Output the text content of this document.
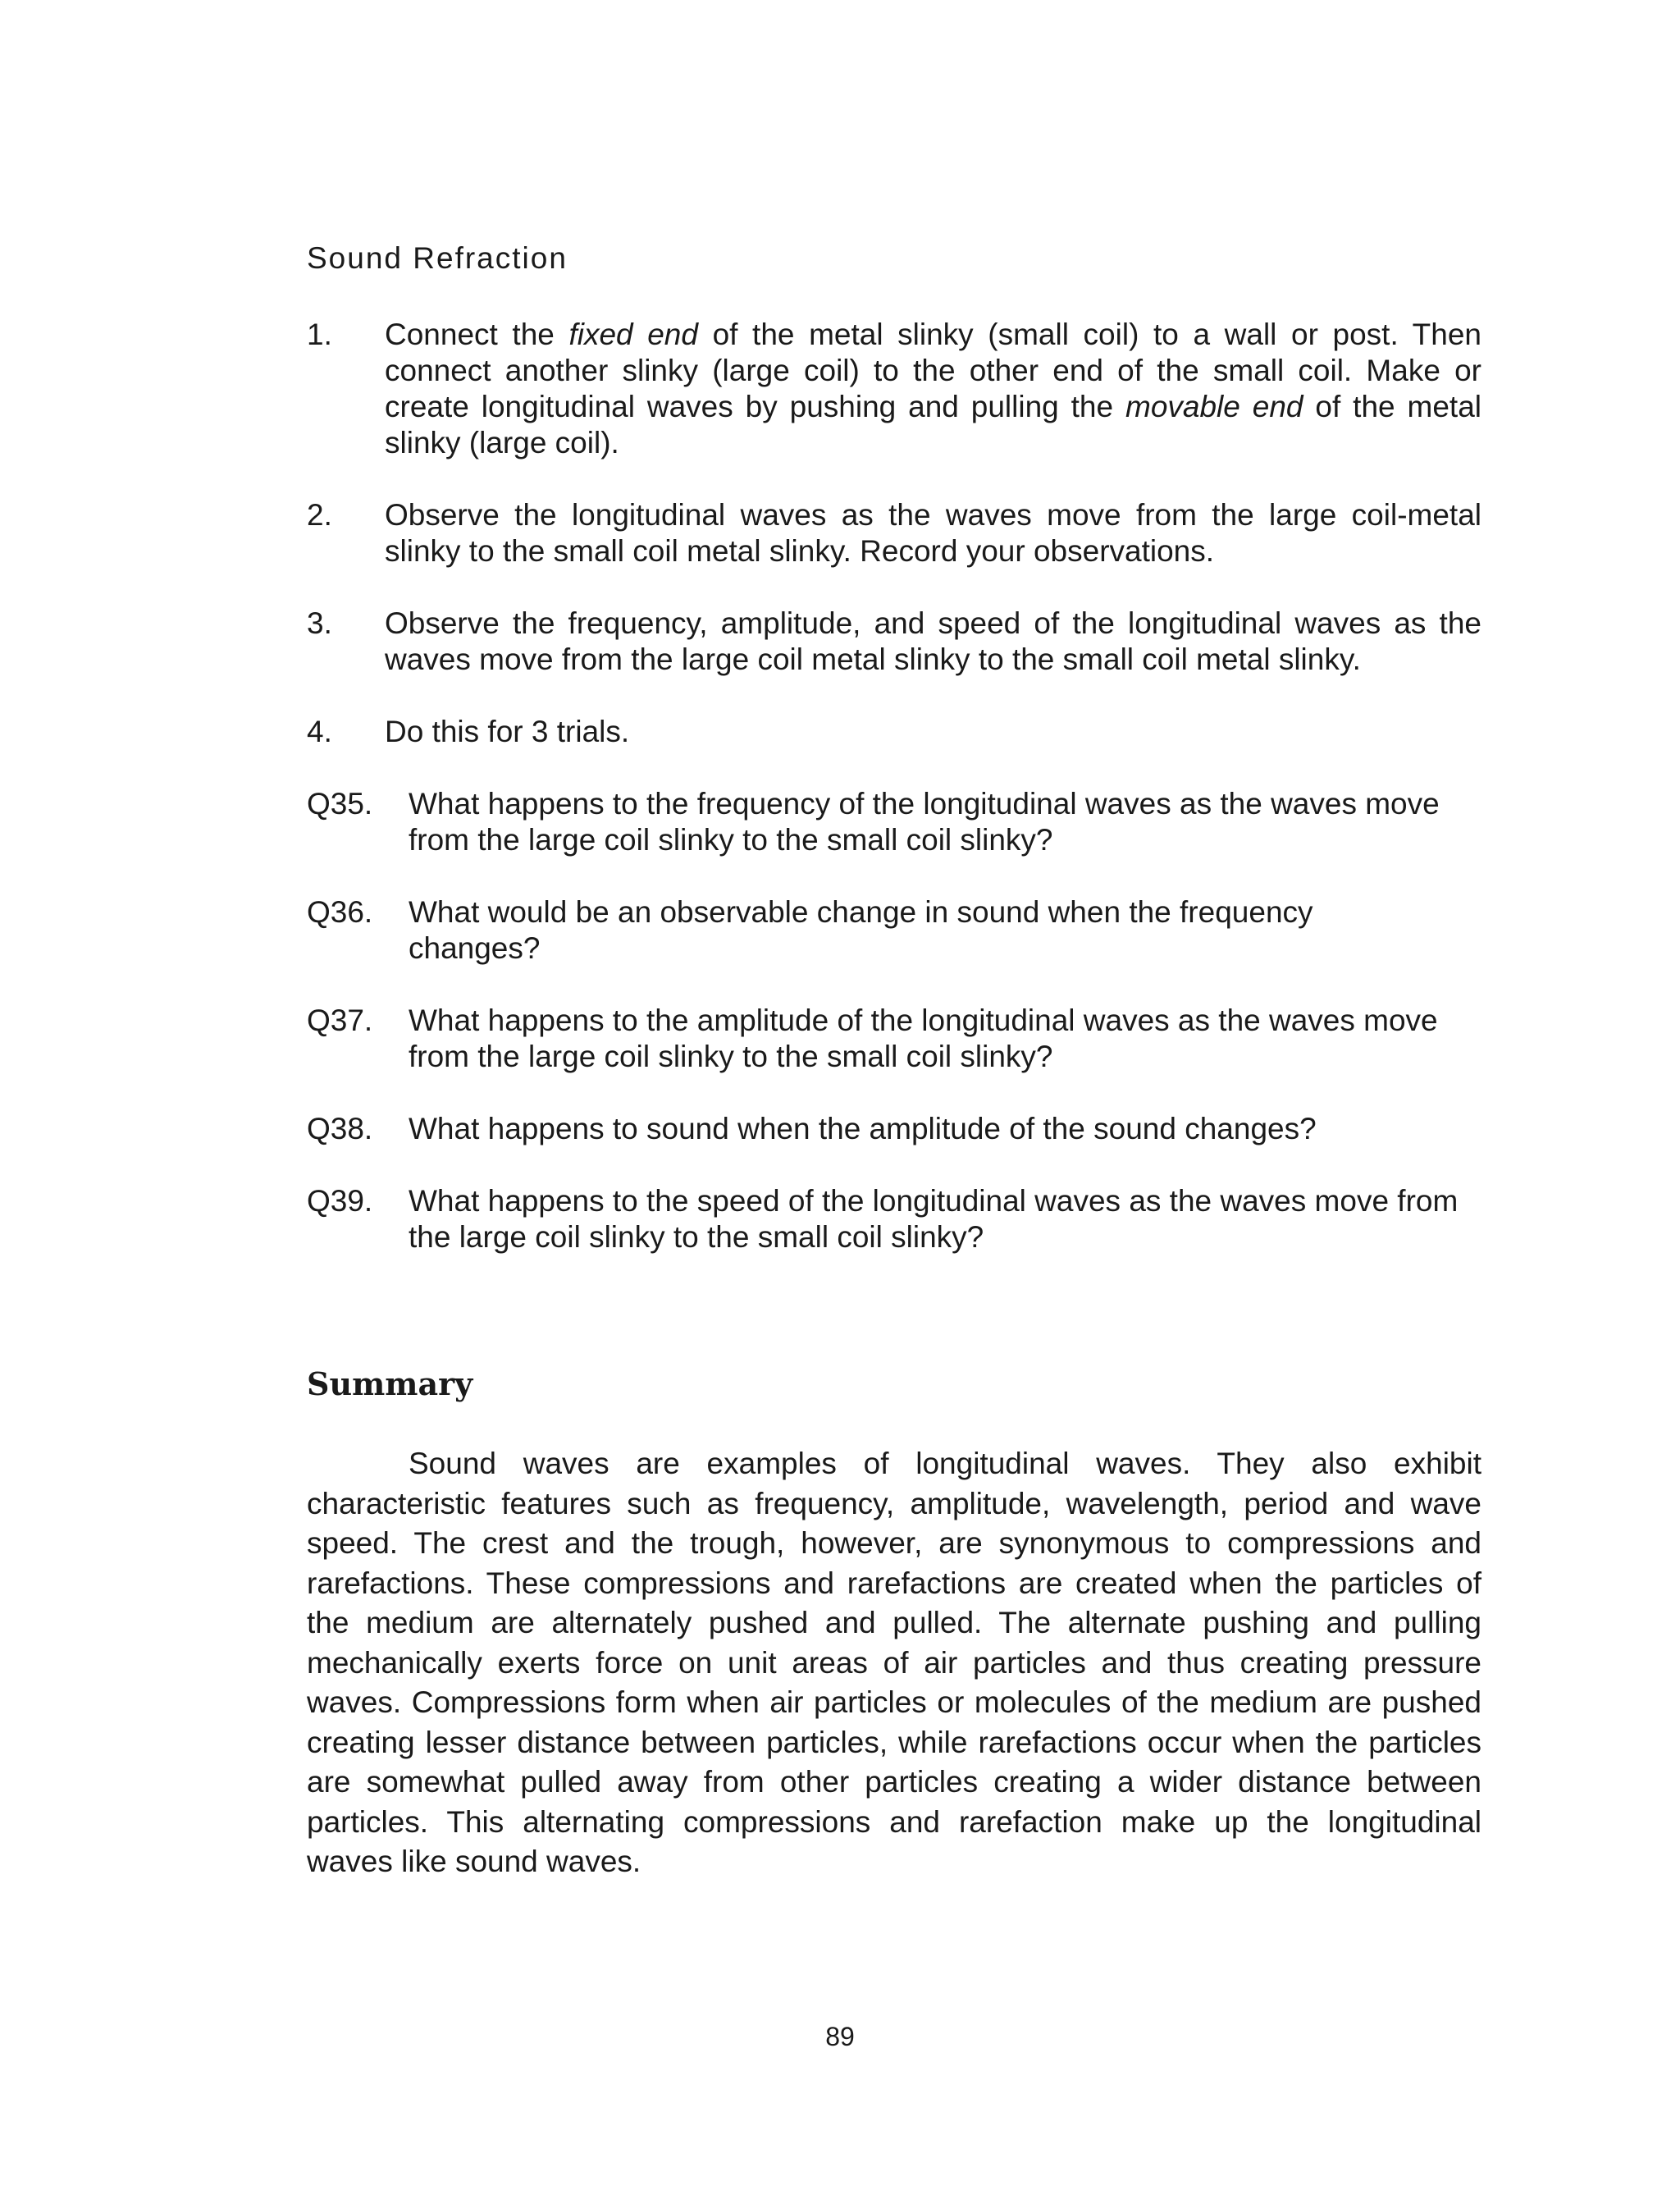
Sound Refraction
1.	Connect the fixed end of the metal slinky (small coil) to a wall or post. Then connect another slinky (large coil) to the other end of the small coil. Make or create longitudinal waves by pushing and pulling the movable end of the metal slinky (large coil).
2.	Observe the longitudinal waves as the waves move from the large coil-metal slinky to the small coil metal slinky. Record your observations.
3.	Observe the frequency, amplitude, and speed of the longitudinal waves as the waves move from the large coil metal slinky to the small coil metal slinky.
4.	Do this for 3 trials.
Q35.	What happens to the frequency of the longitudinal waves as the waves move from the large coil slinky to the small coil slinky?
Q36.	What would be an observable change in sound when the frequency changes?
Q37.	What happens to the amplitude of the longitudinal waves as the waves move from the large coil slinky to the small coil slinky?
Q38.	What happens to sound when the amplitude of the sound changes?
Q39.	What happens to the speed of the longitudinal waves as the waves move from the large coil slinky to the small coil slinky?
Summary

Sound waves are examples of longitudinal waves. They also exhibit characteristic features such as frequency, amplitude, wavelength, period and wave speed. The crest and the trough, however, are synonymous to compressions and rarefactions. These compressions and rarefactions are created when the particles of the medium are alternately pushed and pulled. The alternate pushing and pulling mechanically exerts force on unit areas of air particles and thus creating pressure waves. Compressions form when air particles or molecules of the medium are pushed creating lesser distance between particles, while rarefactions occur when the particles are somewhat pulled away from other particles creating a wider distance between particles. This alternating compressions and rarefaction make up the longitudinal waves like sound waves.

89
